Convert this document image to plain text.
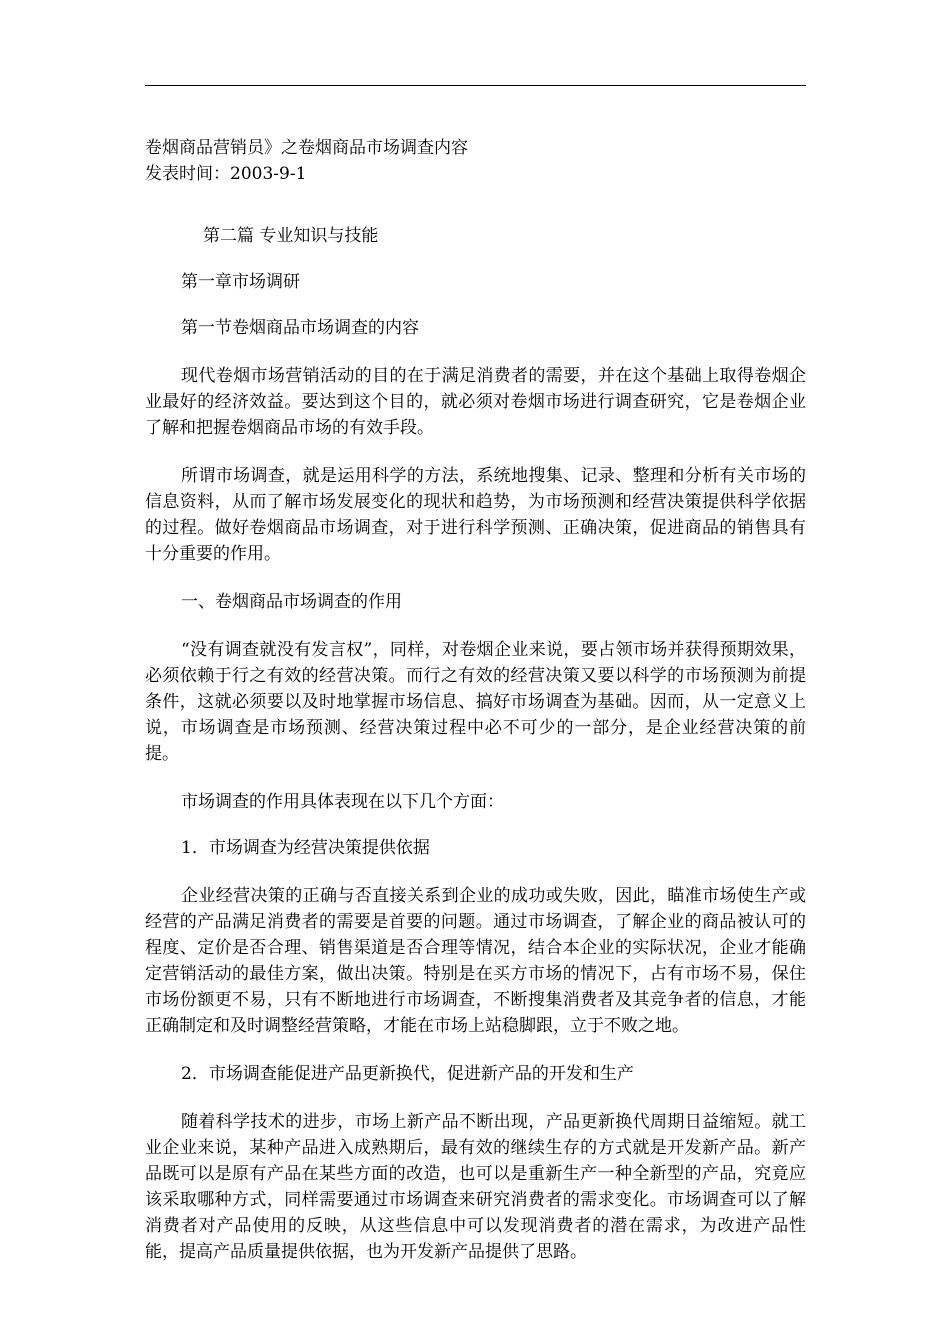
卷烟商品营销员》之卷烟商品市场调查内容

发表时间：2003-9-1

第二篇 专业知识与技能

第一章市场调研

第一节卷烟商品市场调查的内容

现代卷烟市场营销活动的目的在于满足消费者的需要，并在这个基础上取得卷烟企业最好的经济效益。要达到这个目的，就必须对卷烟市场进行调查研究，它是卷烟企业了解和把握卷烟商品市场的有效手段。

所谓市场调查，就是运用科学的方法，系统地搜集、记录、整理和分析有关市场的信息资料，从而了解市场发展变化的现状和趋势，为市场预测和经营决策提供科学依据的过程。做好卷烟商品市场调查，对于进行科学预测、正确决策，促进商品的销售具有十分重要的作用。

一、卷烟商品市场调查的作用

“没有调查就没有发言权”，同样，对卷烟企业来说，要占领市场并获得预期效果，必须依赖于行之有效的经营决策。而行之有效的经营决策又要以科学的市场预测为前提条件，这就必须要以及时地掌握市场信息、搞好市场调查为基础。因而，从一定意义上说，市场调查是市场预测、经营决策过程中必不可少的一部分，是企业经营决策的前提。

市场调查的作用具体表现在以下几个方面：

1．市场调查为经营决策提供依据

企业经营决策的正确与否直接关系到企业的成功或失败，因此，瞄准市场使生产或经营的产品满足消费者的需要是首要的问题。通过市场调查，了解企业的商品被认可的程度、定价是否合理、销售渠道是否合理等情况，结合本企业的实际状况，企业才能确定营销活动的最佳方案，做出决策。特别是在买方市场的情况下，占有市场不易，保住市场份额更不易，只有不断地进行市场调查，不断搜集消费者及其竞争者的信息，才能正确制定和及时调整经营策略，才能在市场上站稳脚跟，立于不败之地。

2．市场调查能促进产品更新换代，促进新产品的开发和生产

随着科学技术的进步，市场上新产品不断出现，产品更新换代周期日益缩短。就工业企业来说，某种产品进入成熟期后，最有效的继续生存的方式就是开发新产品。新产品既可以是原有产品在某些方面的改造，也可以是重新生产一种全新型的产品，究竟应该采取哪种方式，同样需要通过市场调查来研究消费者的需求变化。市场调查可以了解消费者对产品使用的反映，从这些信息中可以发现消费者的潜在需求，为改进产品性能，提高产品质量提供依据，也为开发新产品提供了思路。
